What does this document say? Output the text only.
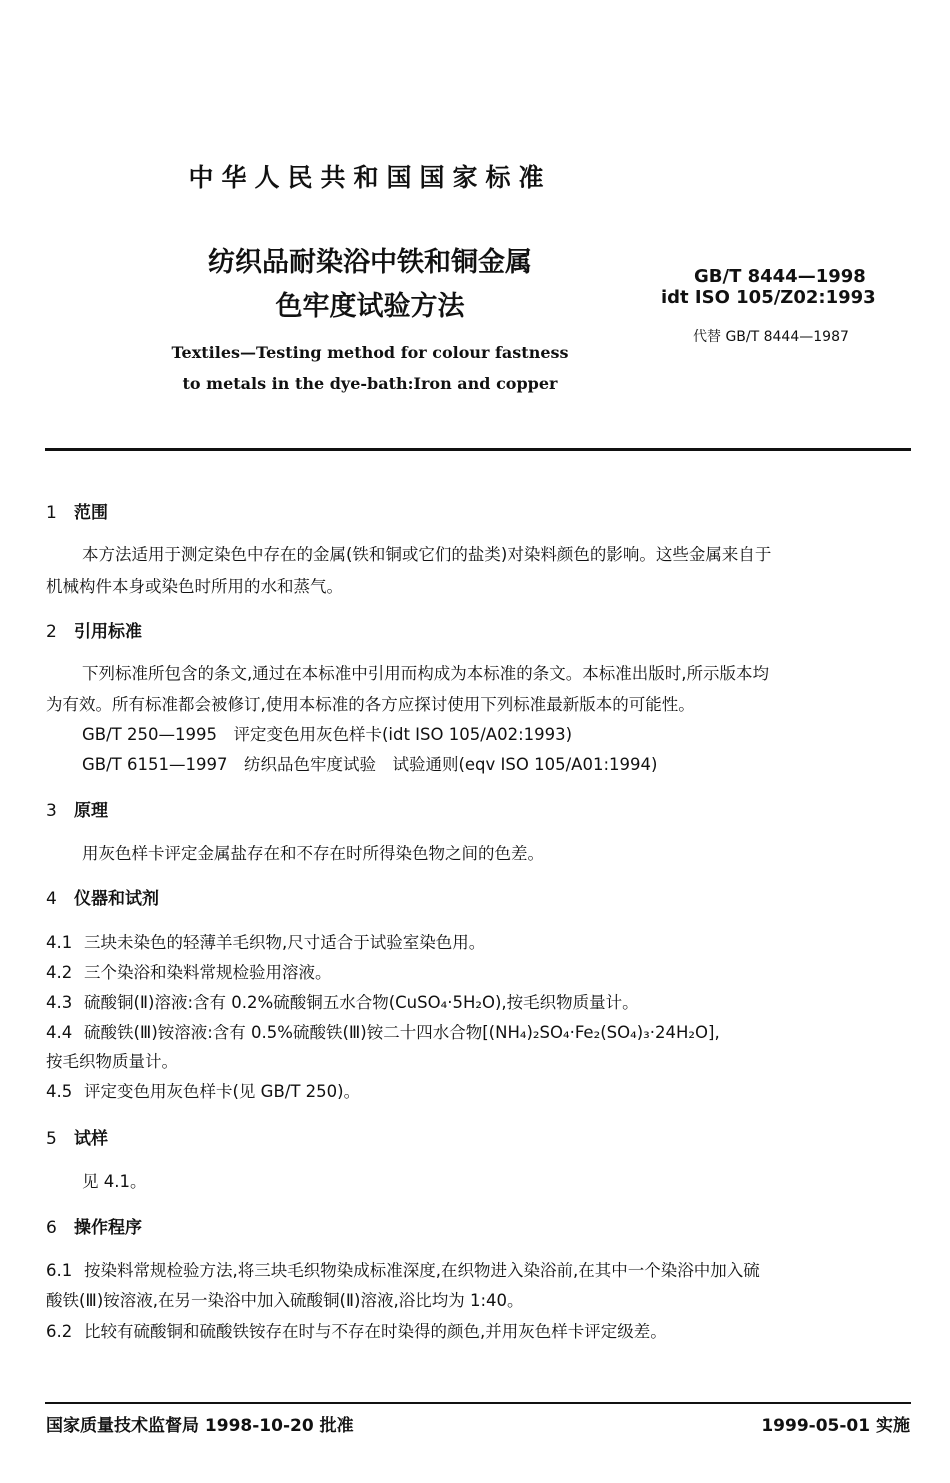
中华人民共和国国家标准
纺织品耐染浴中铁和铜金属
色牢度试验方法
Textiles—Testing method for colour fastness
to metals in the dye-bath:Iron and copper
GB/T 8444—1998
idt ISO 105/Z02:1993
代替 GB/T 8444—1987
1 范围
本方法适用于测定染色中存在的金属(铁和铜或它们的盐类)对染料颜色的影响。这些金属来自于
机械构件本身或染色时所用的水和蒸气。
2 引用标准
下列标准所包含的条文,通过在本标准中引用而构成为本标准的条文。本标准出版时,所示版本均
为有效。所有标准都会被修订,使用本标准的各方应探讨使用下列标准最新版本的可能性。
GB/T 250—1995　评定变色用灰色样卡(idt ISO 105/A02:1993)
GB/T 6151—1997　纺织品色牢度试验　试验通则(eqv ISO 105/A01:1994)
3 原理
用灰色样卡评定金属盐存在和不存在时所得染色物之间的色差。
4 仪器和试剂
4.1 三块未染色的轻薄羊毛织物,尺寸适合于试验室染色用。
4.2 三个染浴和染料常规检验用溶液。
4.3 硫酸铜(Ⅱ)溶液:含有 0.2%硫酸铜五水合物(CuSO₄·5H₂O),按毛织物质量计。
4.4 硫酸铁(Ⅲ)铵溶液:含有 0.5%硫酸铁(Ⅲ)铵二十四水合物[(NH₄)₂SO₄·Fe₂(SO₄)₃·24H₂O],
按毛织物质量计。
4.5 评定变色用灰色样卡(见 GB/T 250)。
5 试样
见 4.1。
6 操作程序
6.1 按染料常规检验方法,将三块毛织物染成标准深度,在织物进入染浴前,在其中一个染浴中加入硫
酸铁(Ⅲ)铵溶液,在另一染浴中加入硫酸铜(Ⅱ)溶液,浴比均为 1:40。
6.2 比较有硫酸铜和硫酸铁铵存在时与不存在时染得的颜色,并用灰色样卡评定级差。
国家质量技术监督局 1998-10-20 批准	1999-05-01 实施
